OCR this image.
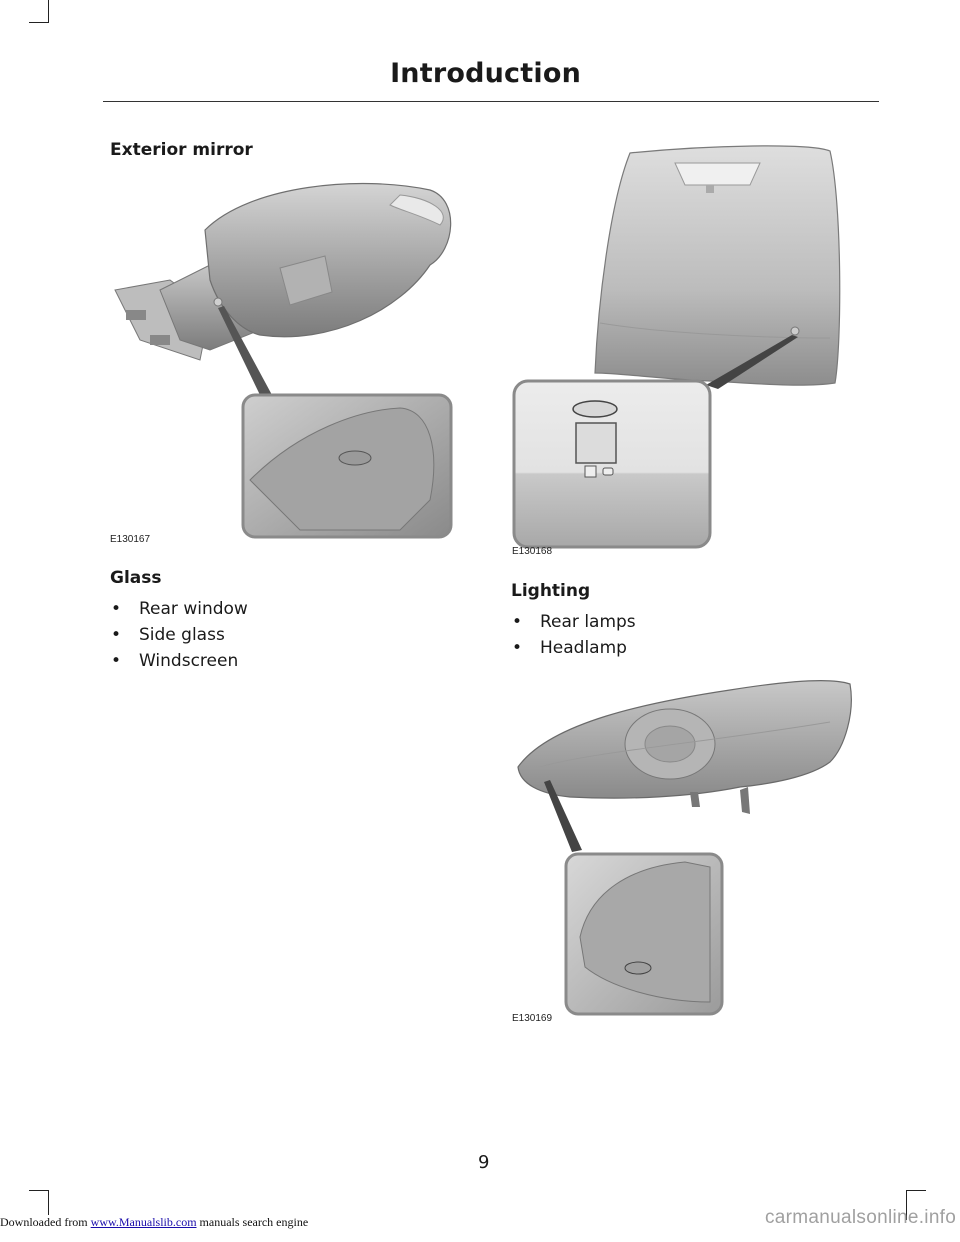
Introduction
Exterior mirror
E130167
E130168
Glass
• Rear window
• Side glass
• Windscreen
Lighting
• Rear lamps
• Headlamp
E130169
9
Downloaded from www.Manualslib.com manuals search engine	carmanualsonline.info
